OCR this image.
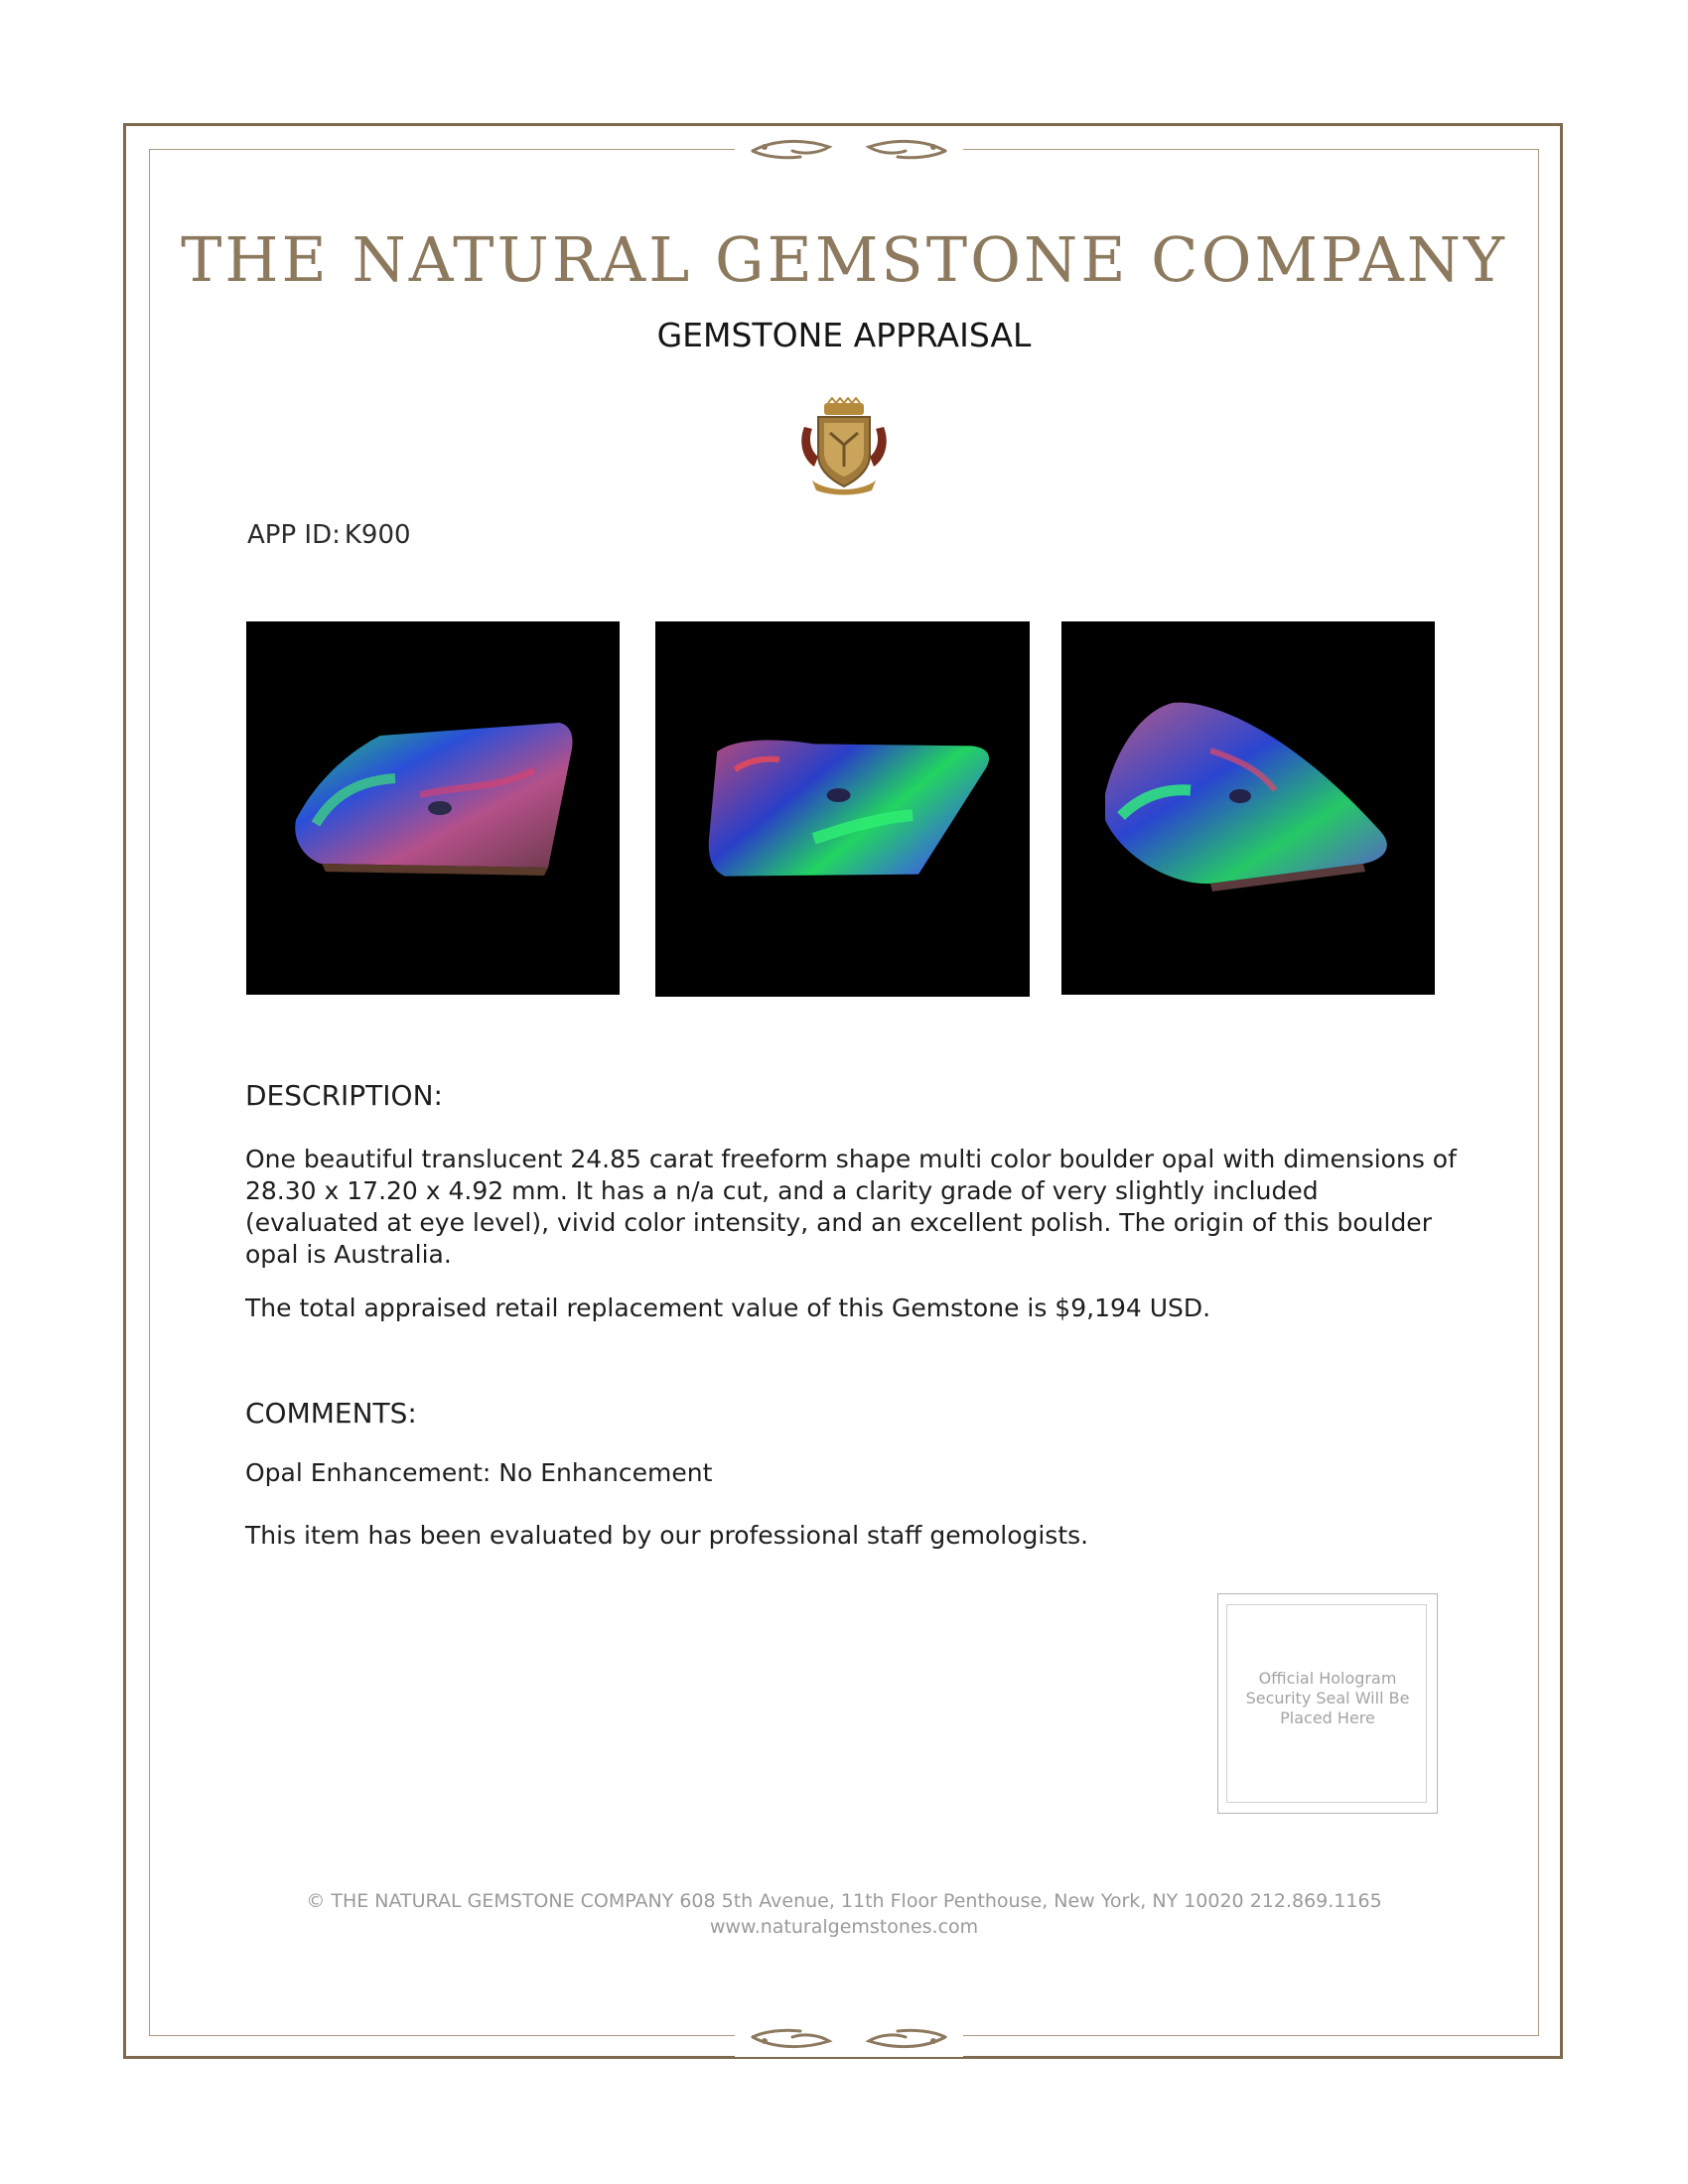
THE NATURAL GEMSTONE COMPANY
GEMSTONE APPRAISAL
APP ID: K900
DESCRIPTION:

One beautiful translucent 24.85 carat freeform shape multi color boulder opal with dimensions of 28.30 x 17.20 x 4.92 mm. It has a n/a cut, and a clarity grade of very slightly included (evaluated at eye level), vivid color intensity, and an excellent polish. The origin of this boulder opal is Australia.

The total appraised retail replacement value of this Gemstone is $9,194 USD.

COMMENTS:

Opal Enhancement: No Enhancement

This item has been evaluated by our professional staff gemologists.

Official Hologram Security Seal Will Be Placed Here
© THE NATURAL GEMSTONE COMPANY 608 5th Avenue, 11th Floor Penthouse, New York, NY 10020 212.869.1165
www.naturalgemstones.com
